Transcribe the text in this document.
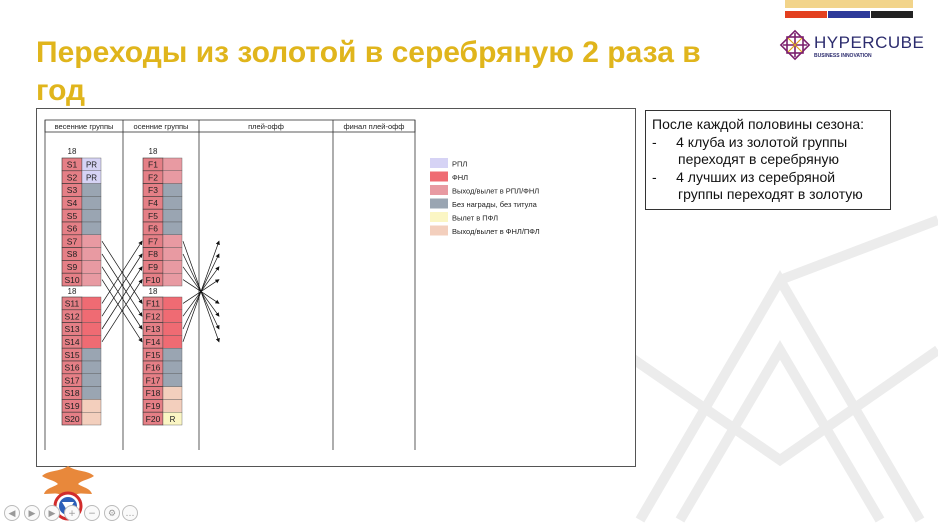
Переходы из золотой в серебряную 2 раза в год
HYPERCUBE
BUSINESS INNOVATION
весенние группы	осенние группы	плей-офф	финал плей-офф
18
18
S1 PR
S2 PR
S3
S4
S5
S6
S7
S8
S9
S10
S11
S12
S13
S14
S15
S16
S17
S18
S19
S20
18
18
F1
F2
F3
F4
F5
F6
F7
F8
F9
F10
F11
F12
F13
F14
F15
F16
F17
F18
F19
F20 R
РПЛ
ФНЛ
Выход/вылет в РПЛ/ФНЛ
Без награды, без титула
Вылет в ПФЛ
Выход/вылет в ФНЛ/ПФЛ
После каждой половины сезона:
- 4 клуба из золотой группы
переходят в серебряную
- 4 лучших из серебряной
группы переходят в золотую
◀	▶	▶	+	−	⚙	…
